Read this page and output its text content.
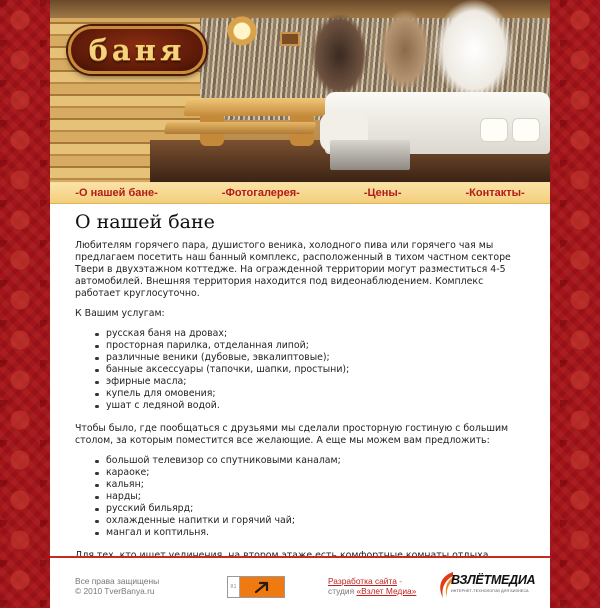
баня
-О нашей бане-	-Фотогалерея-	-Цены-	-Контакты-
О нашей бане

Любителям горячего пара, душистого веника, холодного пива или горячего чая мы предлагаем посетить наш банный комплекс, расположенный в тихом частном секторе Твери в двухэтажном коттедже. На огражденной территории могут разместиться 4-5 автомобилей. Внешняя территория находится под видеонаблюдением. Комплекс работает круглосуточно.

К Вашим услугам:

русская баня на дровах;
просторная парилка, отделанная липой;
различные веники (дубовые, эвкалиптовые);
банные аксессуары (тапочки, шапки, простыни);
эфирные масла;
купель для омовения;
ушат с ледяной водой.

Чтобы было, где пообщаться с друзьями мы сделали просторную гостиную с большим столом, за которым поместится все желающие. А еще мы можем вам предложить:

большой телевизор со спутниковыми каналам;
караоке;
кальян;
нарды;
русский бильярд;
охлажденные напитки и горячий чай;
мангал и коптильня.

Все права защищены
© 2010 TverBanya.ru	R1
Разработка сайта -
студия «Взлет Медиа»
ВЗЛЁТМЕДИА
ИНТЕРНЕТ-ТЕХНОЛОГИИ ДЛЯ БИЗНЕСА
